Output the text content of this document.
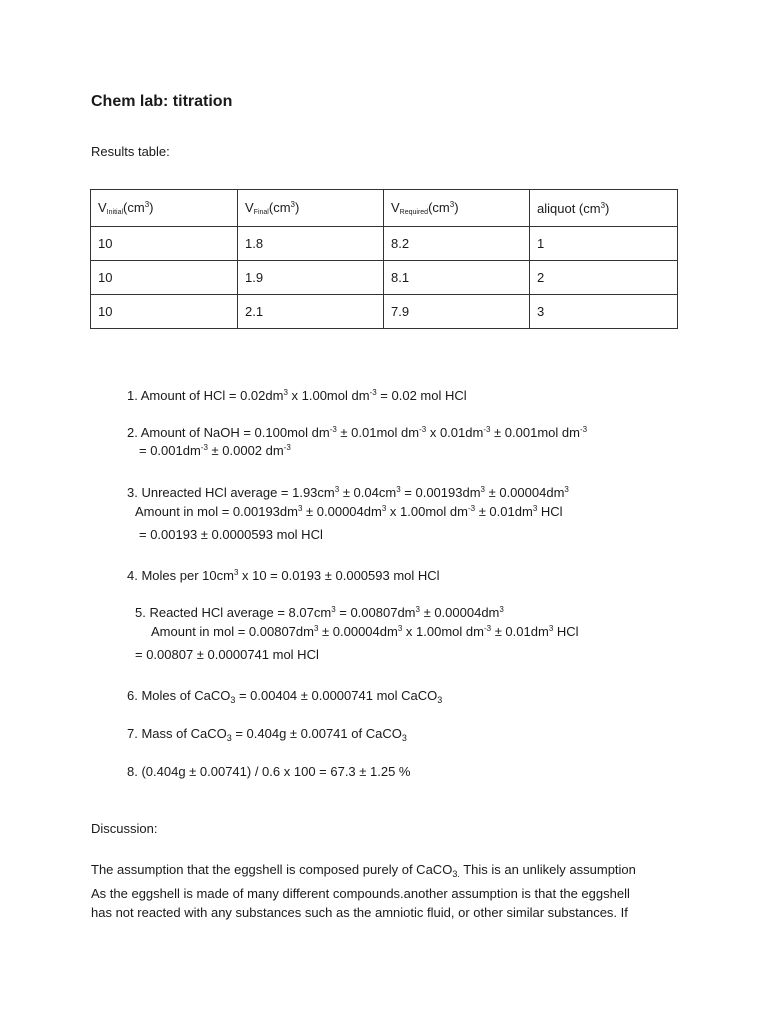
Chem lab: titration
Results table:
$V_{Initial}(cm^3)$	$V_{Final}(cm^3)$	$V_{Required}(cm^3)$	aliquot $(cm^3)$
10	1.8	8.2	1
10	1.9	8.1	2
10	2.1	7.9	3
1. Amount of HCl = $0.02dm^3$ x 1.00mol $dm^{-3} = 0.02$ mol HCl
2. Amount of NaOH = 0.100mol $dm^{-3} \pm 0.01mol$ $dm^{-3}$ x $0.01dm^{-3} \pm 0.001mol$ $dm^{-3}$
= $0.001dm^{-3} \pm 0.0002$ $dm^{-3}$
3. Unreacted HCl average = $1.93cm^3 \pm 0.04cm^3 = 0.00193dm^3 \pm 0.00004dm^3$
Amount in mol = $0.00193dm^3 \pm 0.00004dm^3$ x 1.00mol $dm^{-3} \pm 0.01dm^3$ HCl
= 0.00193 ± 0.0000593 mol HCl
4. Moles per $10cm^3$ x 10 = 0.0193 ± 0.000593 mol HCl
5. Reacted HCl average = $8.07cm^3 = 0.00807dm^3 \pm 0.00004dm^3$
Amount in mol = $0.00807dm^3 \pm 0.00004dm^3$ x 1.00mol $dm^{-3} \pm 0.01dm^3$ HCl
= 0.00807 ± 0.0000741 mol HCl
6. Moles of CaCO$_3$ = 0.00404 ± 0.0000741 mol CaCO$_3$
7. Mass of CaCO$_3$ = 0.404g ± 0.00741 of CaCO$_3$
8. (0.404g ± 0.00741) / 0.6 x 100 = 67.3 ± 1.25 %
Discussion:
The assumption that the eggshell is composed purely of CaCO$_{3.}$ This is an unlikely assumption
As the eggshell is made of many different compounds.another assumption is that the eggshell
has not reacted with any substances such as the amniotic fluid, or other similar substances. If
